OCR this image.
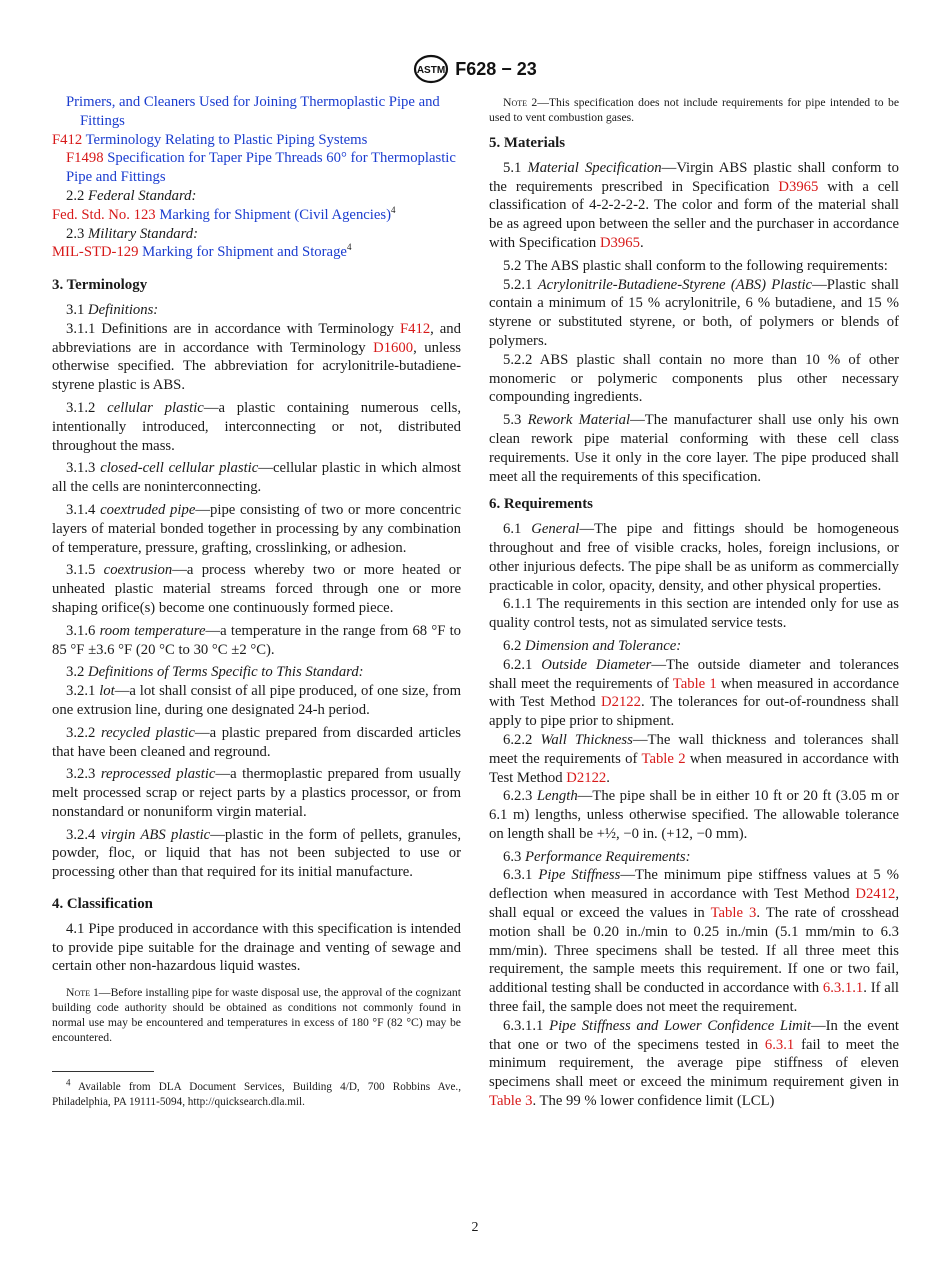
ASTM F628 − 23

Primers, and Cleaners Used for Joining Thermoplastic Pipe and Fittings

F412 Terminology Relating to Plastic Piping Systems

F1498 Specification for Taper Pipe Threads 60° for Thermoplastic Pipe and Fittings

2.2 Federal Standard:

Fed. Std. No. 123 Marking for Shipment (Civil Agencies)$^4$

2.3 Military Standard:

MIL-STD-129 Marking for Shipment and Storage$^4$

3. Terminology

3.1 Definitions:

3.1.1 Definitions are in accordance with Terminology F412, and abbreviations are in accordance with Terminology D1600, unless otherwise specified. The abbreviation for acrylonitrile-butadiene-styrene plastic is ABS.

3.1.2 cellular plastic—a plastic containing numerous cells, intentionally introduced, interconnecting or not, distributed throughout the mass.

3.1.3 closed-cell cellular plastic—cellular plastic in which almost all the cells are noninterconnecting.

3.1.4 coextruded pipe—pipe consisting of two or more concentric layers of material bonded together in processing by any combination of temperature, pressure, grafting, crosslinking, or adhesion.

3.1.5 coextrusion—a process whereby two or more heated or unheated plastic material streams forced through one or more shaping orifice(s) become one continuously formed piece.

3.1.6 room temperature—a temperature in the range from 68 °F to 85 °F ±3.6 °F (20 °C to 30 °C ±2 °C).

3.2 Definitions of Terms Specific to This Standard:

3.2.1 lot—a lot shall consist of all pipe produced, of one size, from one extrusion line, during one designated 24-h period.

3.2.2 recycled plastic—a plastic prepared from discarded articles that have been cleaned and reground.

3.2.3 reprocessed plastic—a thermoplastic prepared from usually melt processed scrap or reject parts by a plastics processor, or from nonstandard or nonuniform virgin material.

3.2.4 virgin ABS plastic—plastic in the form of pellets, granules, powder, floc, or liquid that has not been subjected to use or processing other than that required for its initial manufacture.

4. Classification

4.1 Pipe produced in accordance with this specification is intended to provide pipe suitable for the drainage and venting of sewage and certain other non-hazardous liquid wastes.

Note 1—Before installing pipe for waste disposal use, the approval of the cognizant building code authority should be obtained as conditions not commonly found in normal use may be encountered and temperatures in excess of 180 °F (82 °C) may be encountered.

$^4$ Available from DLA Document Services, Building 4/D, 700 Robbins Ave., Philadelphia, PA 19111-5094, http://quicksearch.dla.mil.

Note 2—This specification does not include requirements for pipe intended to be used to vent combustion gases.

5. Materials

5.1 Material Specification—Virgin ABS plastic shall conform to the requirements prescribed in Specification D3965 with a cell classification of 4-2-2-2-2. The color and form of the material shall be as agreed upon between the seller and the purchaser in accordance with Specification D3965.

5.2 The ABS plastic shall conform to the following requirements:

5.2.1 Acrylonitrile-Butadiene-Styrene (ABS) Plastic—Plastic shall contain a minimum of 15 % acrylonitrile, 6 % butadiene, and 15 % styrene or substituted styrene, or both, of polymers or blends of polymers.

5.2.2 ABS plastic shall contain no more than 10 % of other monomeric or polymeric components plus other necessary compounding ingredients.

5.3 Rework Material—The manufacturer shall use only his own clean rework pipe material conforming with these cell class requirements. Use it only in the core layer. The pipe produced shall meet all the requirements of this specification.

6. Requirements

6.1 General—The pipe and fittings should be homogeneous throughout and free of visible cracks, holes, foreign inclusions, or other injurious defects. The pipe shall be as uniform as commercially practicable in color, opacity, density, and other physical properties.

6.1.1 The requirements in this section are intended only for use as quality control tests, not as simulated service tests.

6.2 Dimension and Tolerance:

6.2.1 Outside Diameter—The outside diameter and tolerances shall meet the requirements of Table 1 when measured in accordance with Test Method D2122. The tolerances for out-of-roundness shall apply to pipe prior to shipment.

6.2.2 Wall Thickness—The wall thickness and tolerances shall meet the requirements of Table 2 when measured in accordance with Test Method D2122.

6.2.3 Length—The pipe shall be in either 10 ft or 20 ft (3.05 m or 6.1 m) lengths, unless otherwise specified. The allowable tolerance on length shall be +½, −0 in. (+12, −0 mm).

6.3 Performance Requirements:

6.3.1 Pipe Stiffness—The minimum pipe stiffness values at 5 % deflection when measured in accordance with Test Method D2412, shall equal or exceed the values in Table 3. The rate of crosshead motion shall be 0.20 in./min to 0.25 in./min (5.1 mm/min to 6.3 mm/min). Three specimens shall be tested. If all three meet this requirement, the sample meets this requirement. If one or two fail, additional testing shall be conducted in accordance with 6.3.1.1. If all three fail, the sample does not meet the requirement.

6.3.1.1 Pipe Stiffness and Lower Confidence Limit—In the event that one or two of the specimens tested in 6.3.1 fail to meet the minimum requirement, the average pipe stiffness of eleven specimens shall meet or exceed the minimum requirement given in Table 3. The 99 % lower confidence limit (LCL)

2
